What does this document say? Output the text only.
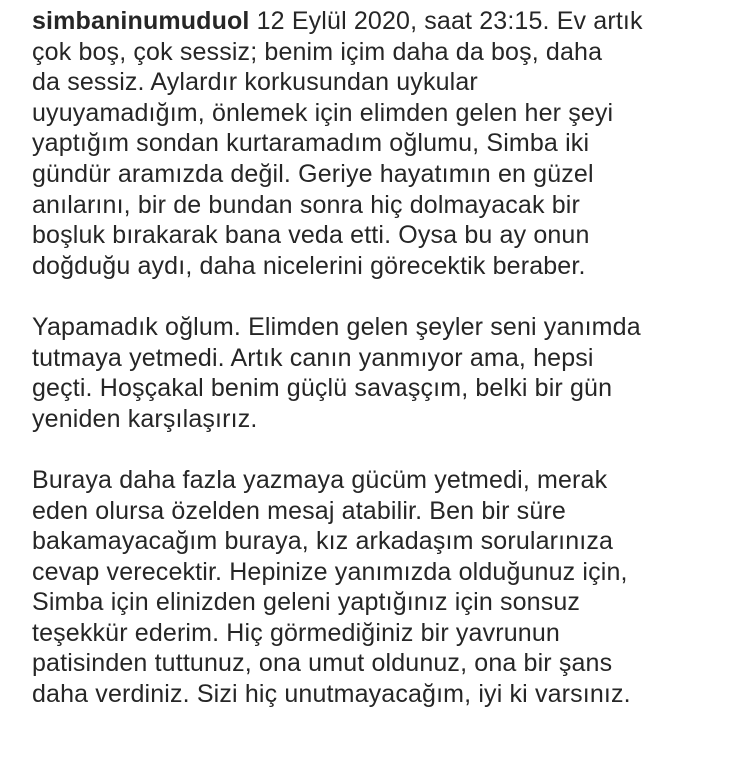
simbaninumuduol 12 Eylül 2020, saat 23:15. Ev artık
çok boş, çok sessiz; benim içim daha da boş, daha
da sessiz. Aylardır korkusundan uykular
uyuyamadığım, önlemek için elimden gelen her şeyi
yaptığım sondan kurtaramadım oğlumu, Simba iki
gündür aramızda değil. Geriye hayatımın en güzel
anılarını, bir de bundan sonra hiç dolmayacak bir
boşluk bırakarak bana veda etti. Oysa bu ay onun
doğduğu aydı, daha nicelerini görecektik beraber.

Yapamadık oğlum. Elimden gelen şeyler seni yanımda
tutmaya yetmedi. Artık canın yanmıyor ama, hepsi
geçti. Hoşçakal benim güçlü savaşçım, belki bir gün
yeniden karşılaşırız.

Buraya daha fazla yazmaya gücüm yetmedi, merak
eden olursa özelden mesaj atabilir. Ben bir süre
bakamayacağım buraya, kız arkadaşım sorularınıza
cevap verecektir. Hepinize yanımızda olduğunuz için,
Simba için elinizden geleni yaptığınız için sonsuz
teşekkür ederim. Hiç görmediğiniz bir yavrunun
patisinden tuttunuz, ona umut oldunuz, ona bir şans
daha verdiniz. Sizi hiç unutmayacağım, iyi ki varsınız.
